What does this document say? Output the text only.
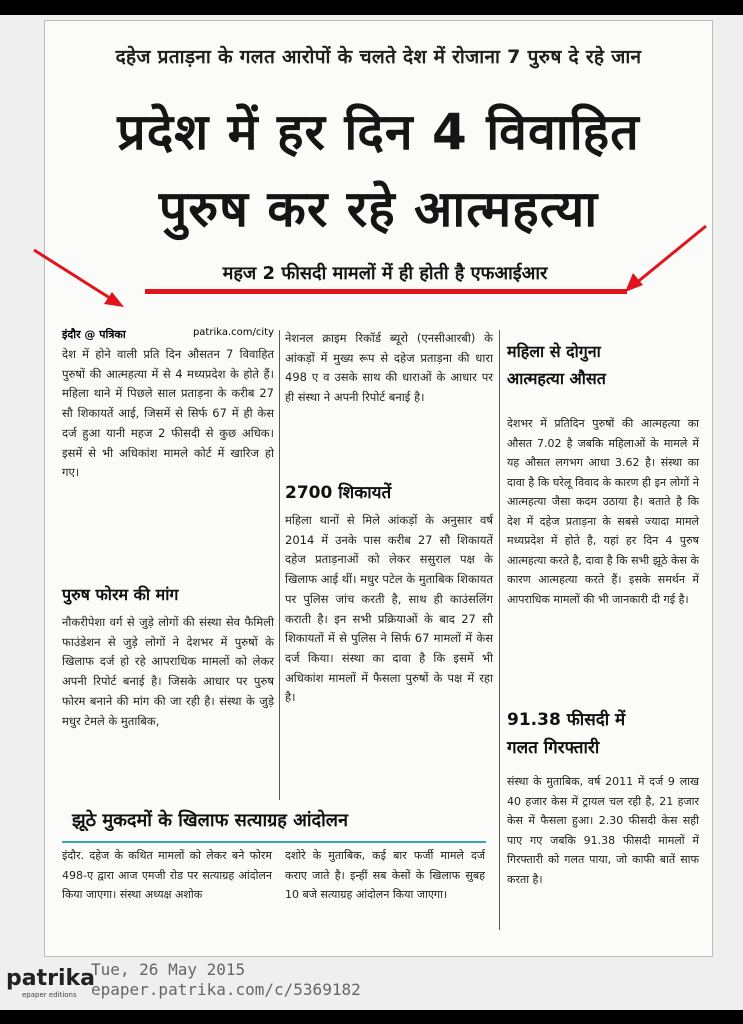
दहेज प्रताड़ना के गलत आरोपों के चलते देश में रोजाना 7 पुरुष दे रहे जान
प्रदेश में हर दिन 4 विवाहित
पुरुष कर रहे आत्महत्या
महज 2 फीसदी मामलों में ही होती है एफआईआर
इंदौर @ पत्रिका	patrika.com/city

देश में होने वाली प्रति दिन औसतन 7 विवाहित पुरुषों की आत्महत्या में से 4 मध्यप्रदेश के होते हैं। महिला थाने में पिछले साल प्रताड़ना के करीब 27 सौ शिकायतें आई, जिसमें से सिर्फ 67 में ही केस दर्ज हुआ यानी महज 2 फीसदी से कुछ अधिक। इसमें से भी अधिकांश मामले कोर्ट में खारिज हो गए।

पुरुष फोरम की मांग

नौकरीपेशा वर्ग से जुड़े लोगों की संस्था सेव फैमिली फाउंडेशन से जुड़े लोगों ने देशभर में पुरुषों के खिलाफ दर्ज हो रहे आपराधिक मामलों को लेकर अपनी रिपोर्ट बनाई है। जिसके आधार पर पुरुष फोरम बनाने की मांग की जा रही है। संस्था के जुड़े मधुर टेमले के मुताबिक,

नेशनल क्राइम रिकॉर्ड ब्यूरो (एनसीआरबी) के आंकड़ों में मुख्य रूप से दहेज प्रताड़ना की धारा 498 ए व उसके साथ की धाराओं के आधार पर ही संस्था ने अपनी रिपोर्ट बनाई है।

2700 शिकायतें

महिला थानों से मिले आंकड़ों के अनुसार वर्ष 2014 में उनके पास करीब 27 सौ शिकायतें दहेज प्रताड़नाओं को लेकर ससुराल पक्ष के खिलाफ आई थीं। मधुर पटेल के मुताबिक शिकायत पर पुलिस जांच करती है, साथ ही काउंसलिंग कराती है। इन सभी प्रक्रियाओं के बाद 27 सौ शिकायतों में से पुलिस ने सिर्फ 67 मामलों में केस दर्ज किया। संस्था का दावा है कि इसमें भी अधिकांश मामलों में फैसला पुरुषों के पक्ष में रहा है।

महिला से दोगुना
आत्महत्या औसत

देशभर में प्रतिदिन पुरुषों की आत्महत्या का औसत 7.02 है जबकि महिलाओं के मामले में यह औसत लगभग आधा 3.62 है। संस्था का दावा है कि घरेलू विवाद के कारण ही इन लोगों ने आत्महत्या जैसा कदम उठाया है। बताते है कि देश में दहेज प्रताड़ना के सबसे ज्यादा मामले मध्यप्रदेश में होते है, यहां हर दिन 4 पुरुष आत्महत्या करते है, दावा है कि सभी झूठे केस के कारण आत्महत्या करते हैं। इसके समर्थन में आपराधिक मामलों की भी जानकारी दी गई है।

91.38 फीसदी में
गलत गिरफ्तारी

संस्था के मुताबिक, वर्ष 2011 में दर्ज 9 लाख 40 हजार केस में ट्रायल चल रही है, 21 हजार केस में फैसला हुआ। 2.30 फीसदी केस सही पाए गए जबकि 91.38 फीसदी मामलों में गिरफ्तारी को गलत पाया, जो काफी बातें साफ करता है।

झूठे मुकदमों के खिलाफ सत्याग्रह आंदोलन

इंदौर. दहेज के कथित मामलों को लेकर बने फोरम 498-ए द्वारा आज एमजी रोड पर सत्याग्रह आंदोलन किया जाएगा। संस्था अध्यक्ष अशोक

दशोरे के मुताबिक, कई बार फर्जी मामले दर्ज कराए जाते है। इन्हीं सब केसों के खिलाफ सुबह 10 बजे सत्याग्रह आंदोलन किया जाएगा।

patrika
epaper editions
Tue, 26 May 2015
epaper.patrika.com/c/5369182
